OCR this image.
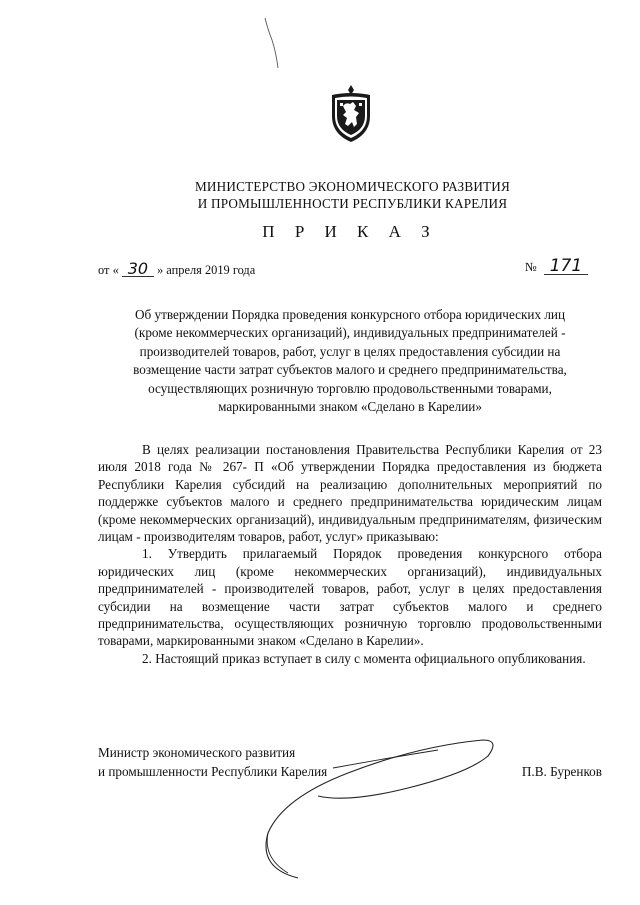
МИНИСТЕРСТВО ЭКОНОМИЧЕСКОГО РАЗВИТИЯ
И ПРОМЫШЛЕННОСТИ РЕСПУБЛИКИ КАРЕЛИЯ
П Р И К А З
от « 30 » апреля 2019 года	№ 171
Об утверждении Порядка проведения конкурсного отбора юридических лиц
(кроме некоммерческих организаций), индивидуальных предпринимателей -
производителей товаров, работ, услуг в целях предоставления субсидии на
возмещение части затрат субъектов малого и среднего предпринимательства,
осуществляющих розничную торговлю продовольственными товарами,
маркированными знаком «Сделано в Карелии»

В целях реализации постановления Правительства Республики Карелия от 23 июля 2018 года № 267- П «Об утверждении Порядка предоставления из бюджета Республики Карелия субсидий на реализацию дополнительных мероприятий по поддержке субъектов малого и среднего предпринимательства юридическим лицам (кроме некоммерческих организаций), индивидуальным предпринимателям, физическим лицам - производителям товаров, работ, услуг» приказываю:

1. Утвердить прилагаемый Порядок проведения конкурсного отбора юридических лиц (кроме некоммерческих организаций), индивидуальных предпринимателей - производителей товаров, работ, услуг в целях предоставления субсидии на возмещение части затрат субъектов малого и среднего предпринимательства, осуществляющих розничную торговлю продовольственными товарами, маркированными знаком «Сделано в Карелии».

2. Настоящий приказ вступает в силу с момента официального опубликования.

Министр экономического развития
и промышленности Республики Карелия	П.В. Буренков
